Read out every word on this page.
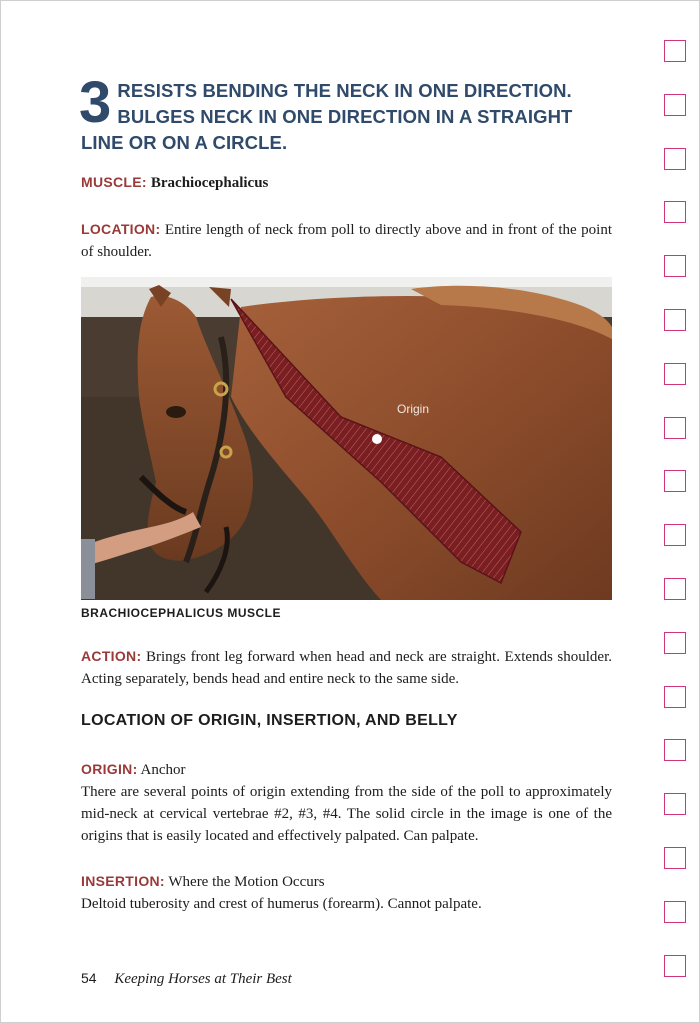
3 RESISTS BENDING THE NECK IN ONE DIRECTION. BULGES NECK IN ONE DIRECTION IN A STRAIGHT LINE OR ON A CIRCLE.
MUSCLE: Brachiocephalicus

LOCATION: Entire length of neck from poll to directly above and in front of the point of shoulder.

Origin
BRACHIOCEPHALICUS MUSCLE

ACTION: Brings front leg forward when head and neck are straight. Extends shoulder. Acting separately, bends head and entire neck to the same side.

LOCATION OF ORIGIN, INSERTION, AND BELLY

ORIGIN: Anchor

There are several points of origin extending from the side of the poll to approximately mid-neck at cervical vertebrae #2, #3, #4. The solid circle in the image is one of the origins that is easily located and effectively palpated. Can palpate.

INSERTION: Where the Motion Occurs

Deltoid tuberosity and crest of humerus (forearm). Cannot palpate.

54 Keeping Horses at Their Best
